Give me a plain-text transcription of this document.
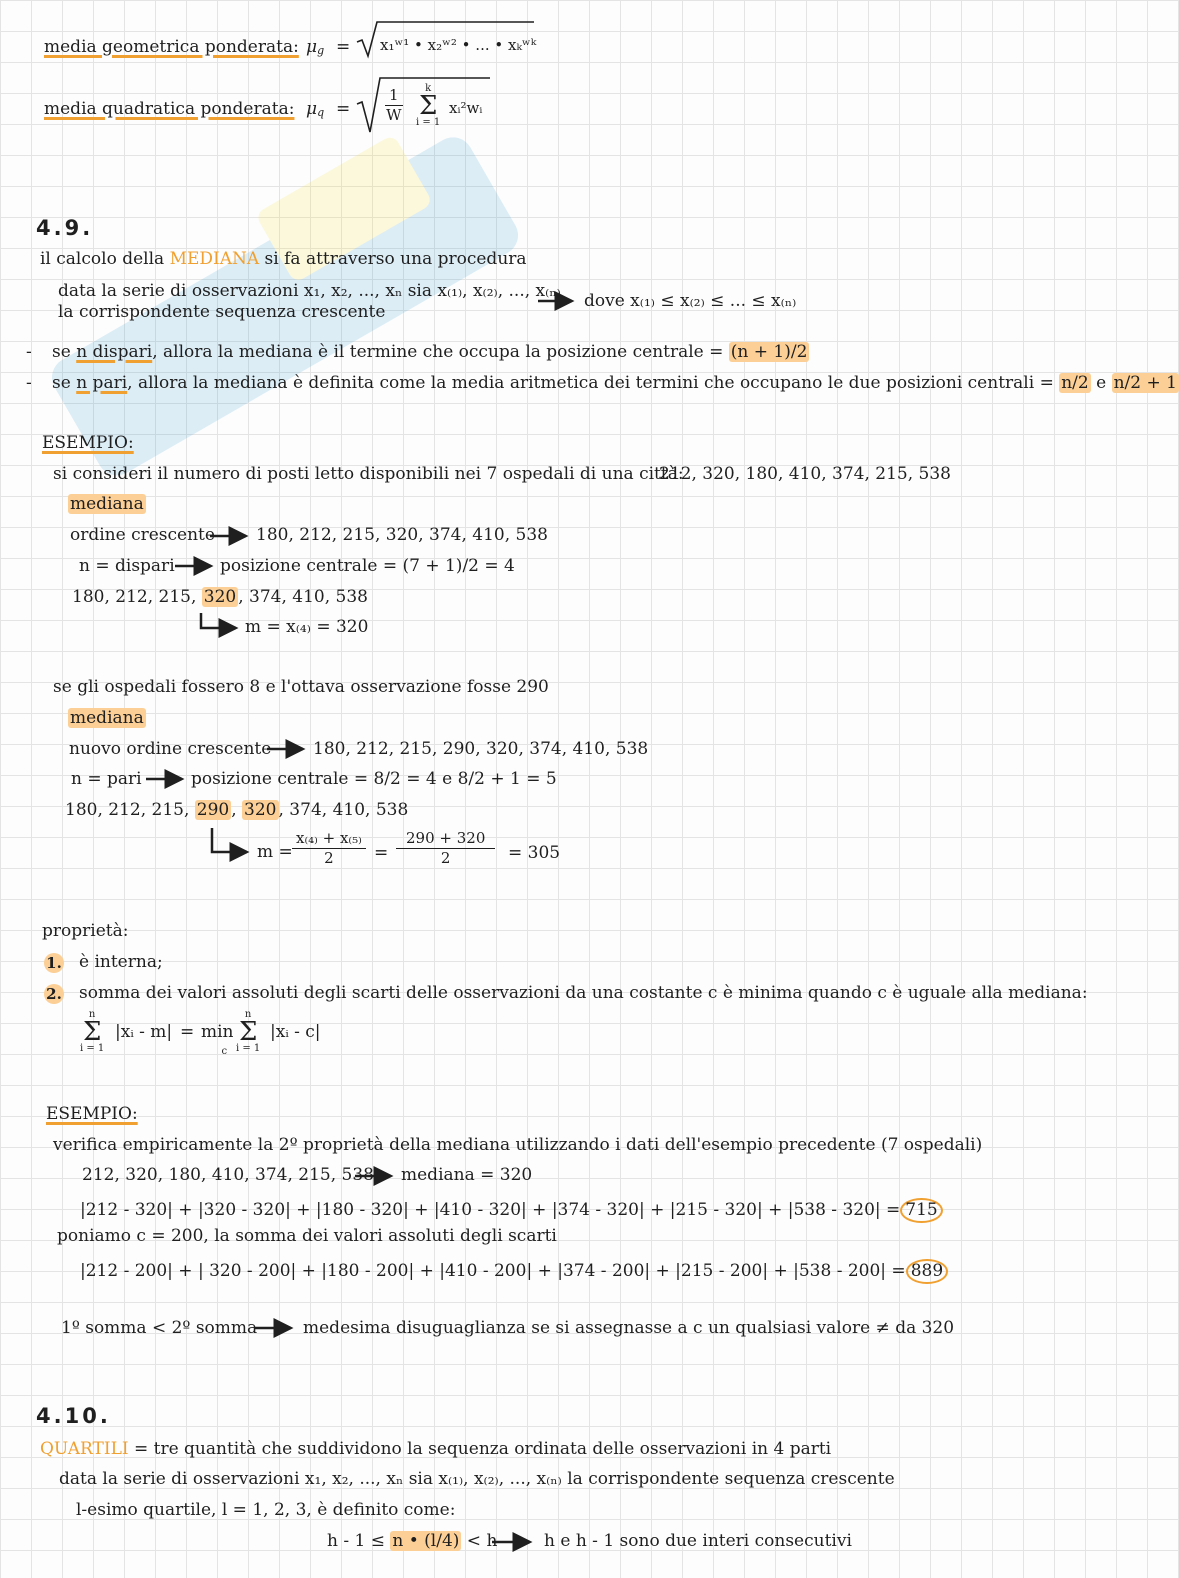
media geometrica ponderata: μg = x₁ʷ¹ • x₂ʷ² • ... • xₖʷᵏ
media quadratica ponderata: $\mu q = \frac{1}{W}$	k
Σ
i = 1
xᵢ²wᵢ
4.9.
il calcolo della MEDIANA si fa attraverso una procedura
data la serie di osservazioni x₁, x₂, ..., xₙ sia x₍₁₎, x₍₂₎, ..., x₍ₙ₎
la corrispondente sequenza crescente
dove x₍₁₎ ≤ x₍₂₎ ≤ ... ≤ x₍ₙ₎
- se n dispari, allora la mediana è il termine che occupa la posizione centrale = (n + 1)/2
- se n pari, allora la mediana è definita come la media aritmetica dei termini che occupano le due posizioni centrali = n/2 e n/2 + 1
ESEMPIO:
si consideri il numero di posti letto disponibili nei 7 ospedali di una città:
212, 320, 180, 410, 374, 215, 538
mediana
ordine crescente 180, 212, 215, 320, 374, 410, 538
n = dispari	posizione centrale = (7 + 1)/2 = 4
180, 212, 215, 320 , 374, 410, 538
m = x₍₄₎ = 320
se gli ospedali fossero 8 e l'ottava osservazione fosse 290
mediana
nuovo ordine crescente 180, 212, 215, 290, 320, 374, 410, 538
n = pari	posizione centrale = 8/2 = 4 e 8/2 + 1 = 5
180, 212, 215, 290 , 320 , 374, 410, 538
$m = \frac{\text{x₍₄₎ + x₍₅₎}}{2} = \frac{290 + 320}{2} = 305$
proprietà:
1. è interna;
2. somma dei valori assoluti degli scarti delle osservazioni da una costante c è minima quando c è uguale alla mediana:
n
Σ
i = 1
|xᵢ - m| = min
c
n
Σ
i = 1
|xᵢ - c|
ESEMPIO:
verifica empiricamente la 2º proprietà della mediana utilizzando i dati dell'esempio precedente (7 ospedali)
212, 320, 180, 410, 374, 215, 538 mediana = 320
|212 - 320| + |320 - 320| + |180 - 320| + |410 - 320| + |374 - 320| + |215 - 320| + |538 - 320| = 715
poniamo c = 200, la somma dei valori assoluti degli scarti
|212 - 200| + | 320 - 200| + |180 - 200| + |410 - 200| + |374 - 200| + |215 - 200| + |538 - 200| = 889
1º somma < 2º somma	medesima disuguaglianza se si assegnasse a c un qualsiasi valore ≠ da 320
4.10.
QUARTILI = tre quantità che suddividono la sequenza ordinata delle osservazioni in 4 parti
data la serie di osservazioni x₁, x₂, ..., xₙ sia x₍₁₎, x₍₂₎, ..., x₍ₙ₎ la corrispondente sequenza crescente
l-esimo quartile, l = 1, 2, 3, è definito come:
h - 1 ≤ n • (l/4) < h	h e h - 1 sono due interi consecutivi
